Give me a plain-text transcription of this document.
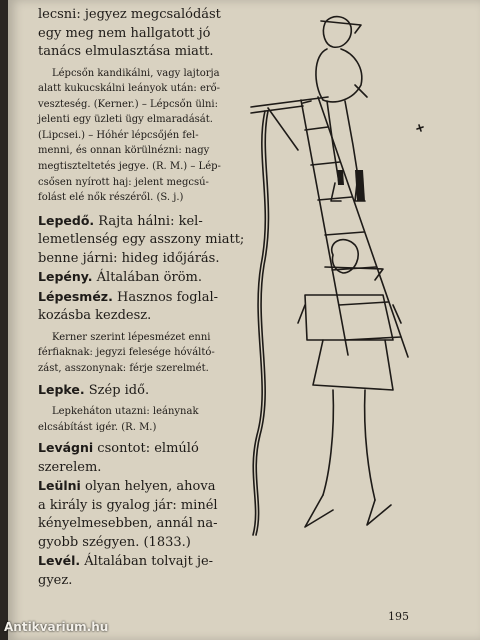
lecsni: jegyez megcsalódást
egy meg nem hallgatott jó
tanács elmulasztása miatt.

Lépcsőn kandikálni, vagy lajtorja
alatt kukucskálni leányok után: erő-
veszteség. (Kerner.) – Lépcsőn ülni:
jelenti egy üzleti ügy elmaradását.
(Lipcsei.) – Hóhér lépcsőjén fel-
menni, és onnan körülnézni: nagy
megtiszteltetés jegye. (R. M.) – Lép-
csősen nyírott haj: jelent megcsú-
folást elé nők részéről. (S. j.)

Lepedő. Rajta hálni: kel-
lemetlenség egy asszony miatt;
benne járni: hideg időjárás.

Lepény. Általában öröm.

Lépesméz. Hasznos foglal-
kozásba kezdesz.

Kerner szerint lépesmézet enni
férfiaknak: jegyzi felesége hóváltó-
zást, asszonynak: férje szerelmét.

Lepke. Szép idő.

Lepkeháton utazni: leánynak
elcsábítást igér. (R. M.)

Levágni csontot: elmúló
szerelem.

Leülni olyan helyen, ahova
a király is gyalog jár: minél
kényelmesebben, annál na-
gyobb szégyen. (1833.)

Levél. Általában tolvajt je-
gyez.

195
Antikvarium.hu
